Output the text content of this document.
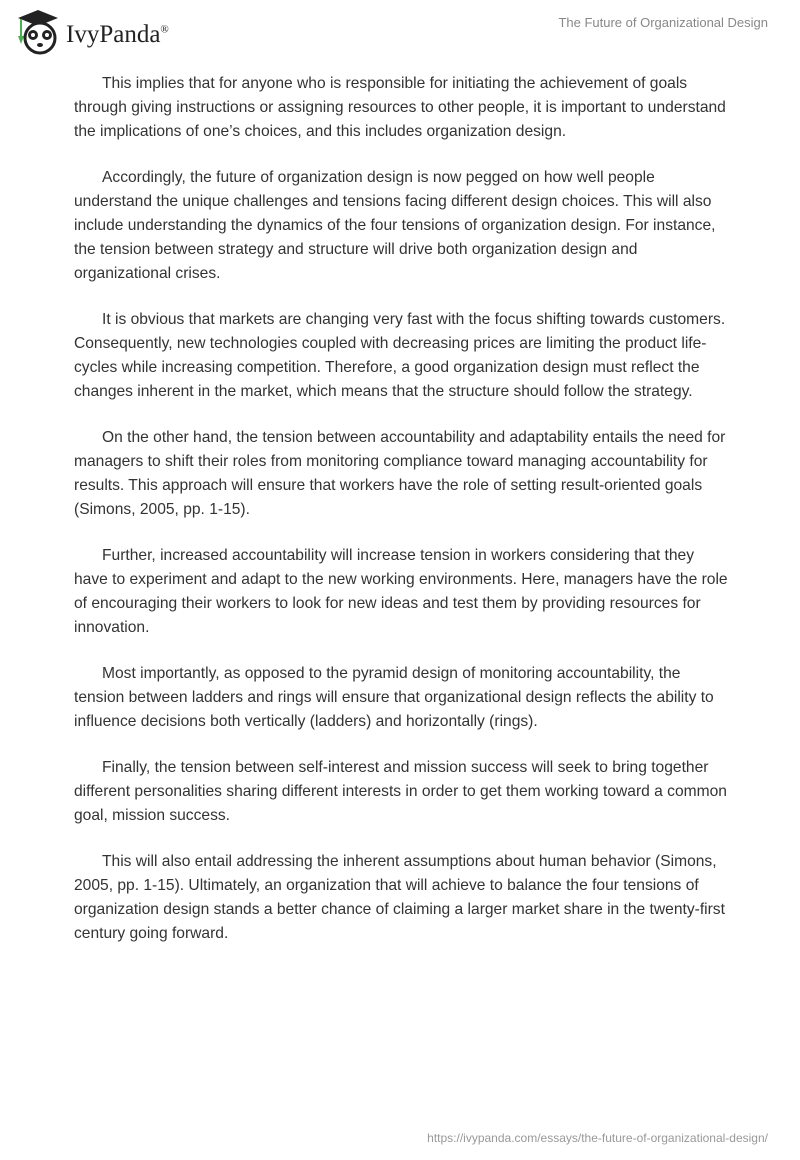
IvyPanda®	The Future of Organizational Design

This implies that for anyone who is responsible for initiating the achievement of goals through giving instructions or assigning resources to other people, it is important to understand the implications of one’s choices, and this includes organization design.

Accordingly, the future of organization design is now pegged on how well people understand the unique challenges and tensions facing different design choices. This will also include understanding the dynamics of the four tensions of organization design. For instance, the tension between strategy and structure will drive both organization design and organizational crises.

It is obvious that markets are changing very fast with the focus shifting towards customers. Consequently, new technologies coupled with decreasing prices are limiting the product life-cycles while increasing competition. Therefore, a good organization design must reflect the changes inherent in the market, which means that the structure should follow the strategy.

On the other hand, the tension between accountability and adaptability entails the need for managers to shift their roles from monitoring compliance toward managing accountability for results. This approach will ensure that workers have the role of setting result-oriented goals (Simons, 2005, pp. 1-15).

Further, increased accountability will increase tension in workers considering that they have to experiment and adapt to the new working environments. Here, managers have the role of encouraging their workers to look for new ideas and test them by providing resources for innovation.

Most importantly, as opposed to the pyramid design of monitoring accountability, the tension between ladders and rings will ensure that organizational design reflects the ability to influence decisions both vertically (ladders) and horizontally (rings).

Finally, the tension between self-interest and mission success will seek to bring together different personalities sharing different interests in order to get them working toward a common goal, mission success.

This will also entail addressing the inherent assumptions about human behavior (Simons, 2005, pp. 1-15). Ultimately, an organization that will achieve to balance the four tensions of organization design stands a better chance of claiming a larger market share in the twenty-first century going forward.

https://ivypanda.com/essays/the-future-of-organizational-design/
